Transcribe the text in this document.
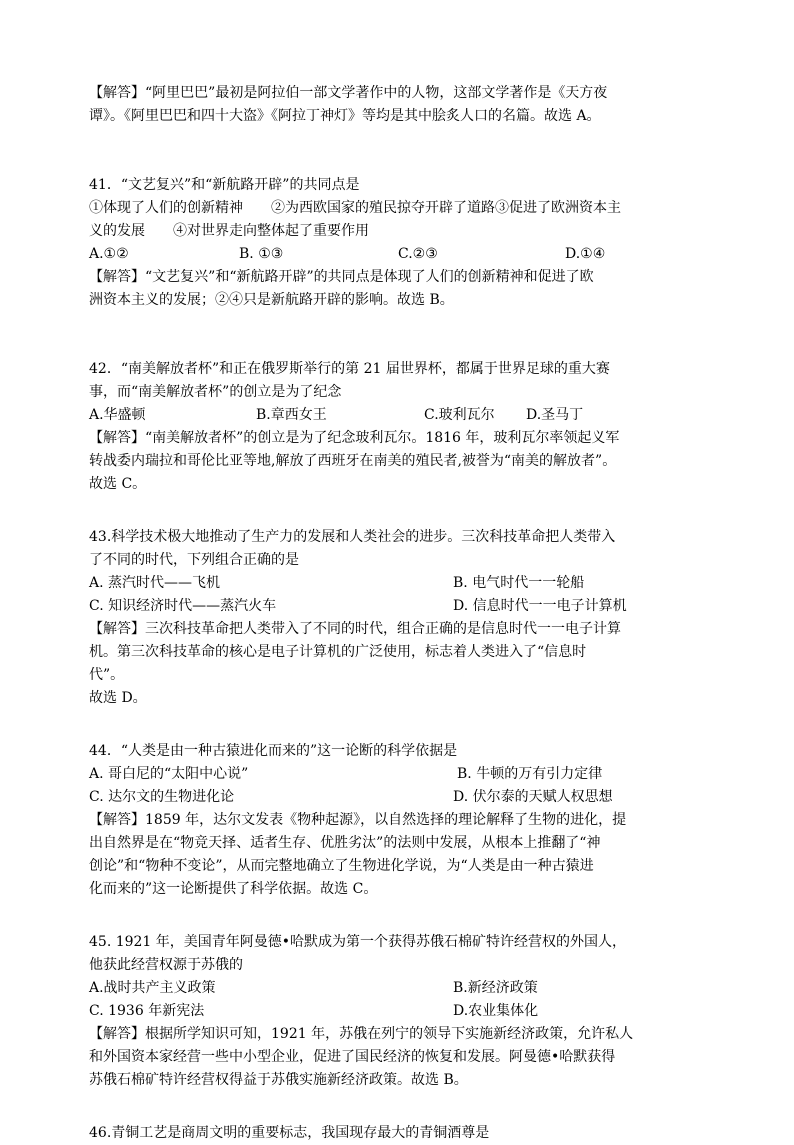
【解答】“阿里巴巴”最初是阿拉伯一部文学著作中的人物，这部文学著作是《天方夜
谭》。《阿里巴巴和四十大盗》《阿拉丁神灯》等均是其中脍炙人口的名篇。故选 A。
41．“文艺复兴”和“新航路开辟”的共同点是
①体现了人们的创新精神　　②为西欧国家的殖民掠夺开辟了道路③促进了欧洲资本主
义的发展　　④对世界走向整体起了重要作用
A.①②	B. ①③	C.②③	D.①④
【解答】“文艺复兴”和“新航路开辟”的共同点是体现了人们的创新精神和促进了欧
洲资本主义的发展；②④只是新航路开辟的影响。故选 B。
42．“南美解放者杯”和正在俄罗斯举行的第 21 届世界杯，都属于世界足球的重大赛
事，而“南美解放者杯”的创立是为了纪念
A.华盛顿	B.章西女王	C.玻利瓦尔	D.圣马丁
【解答】“南美解放者杯”的创立是为了纪念玻利瓦尔。1816 年，玻利瓦尔率领起义军
转战委内瑞拉和哥伦比亚等地,解放了西班牙在南美的殖民者,被誉为“南美的解放者”。
故选 C。
43.科学技术极大地推动了生产力的发展和人类社会的进步。三次科技革命把人类带入
了不同的时代，下列组合正确的是
A. 蒸汽时代——飞机	B. 电气时代一一轮船
C. 知识经济时代——蒸汽火车	D. 信息时代一一电子计算机
【解答】三次科技革命把人类带入了不同的时代，组合正确的是信息时代一一电子计算
机。第三次科技革命的核心是电子计算机的广泛使用，标志着人类进入了“信息时
代”。
故选 D。
44．“人类是由一种古猿进化而来的”这一论断的科学依据是
A. 哥白尼的“太阳中心说”	B. 牛顿的万有引力定律
C. 达尔文的生物进化论	D. 伏尔泰的天赋人权思想
【解答】1859 年，达尔文发表《物种起源》，以自然选择的理论解释了生物的进化，提
出自然界是在“物竞天择、适者生存、优胜劣汰”的法则中发展，从根本上推翻了“神
创论”和“物种不变论”，从而完整地确立了生物进化学说，为“人类是由一种古猿进
化而来的”这一论断提供了科学依据。故选 C。
45. 1921 年，美国青年阿曼德•哈默成为第一个获得苏俄石棉矿特许经营权的外国人，
他获此经营权源于苏俄的
A.战时共产主义政策	B.新经济政策
C. 1936 年新宪法	D.农业集体化
【解答】根据所学知识可知，1921 年，苏俄在列宁的领导下实施新经济政策，允许私人
和外国资本家经营一些中小型企业，促进了国民经济的恢复和发展。阿曼德•哈默获得
苏俄石棉矿特许经营权得益于苏俄实施新经济政策。故选 B。
46.青铜工艺是商周文明的重要标志，我国现存最大的青铜酒尊是
